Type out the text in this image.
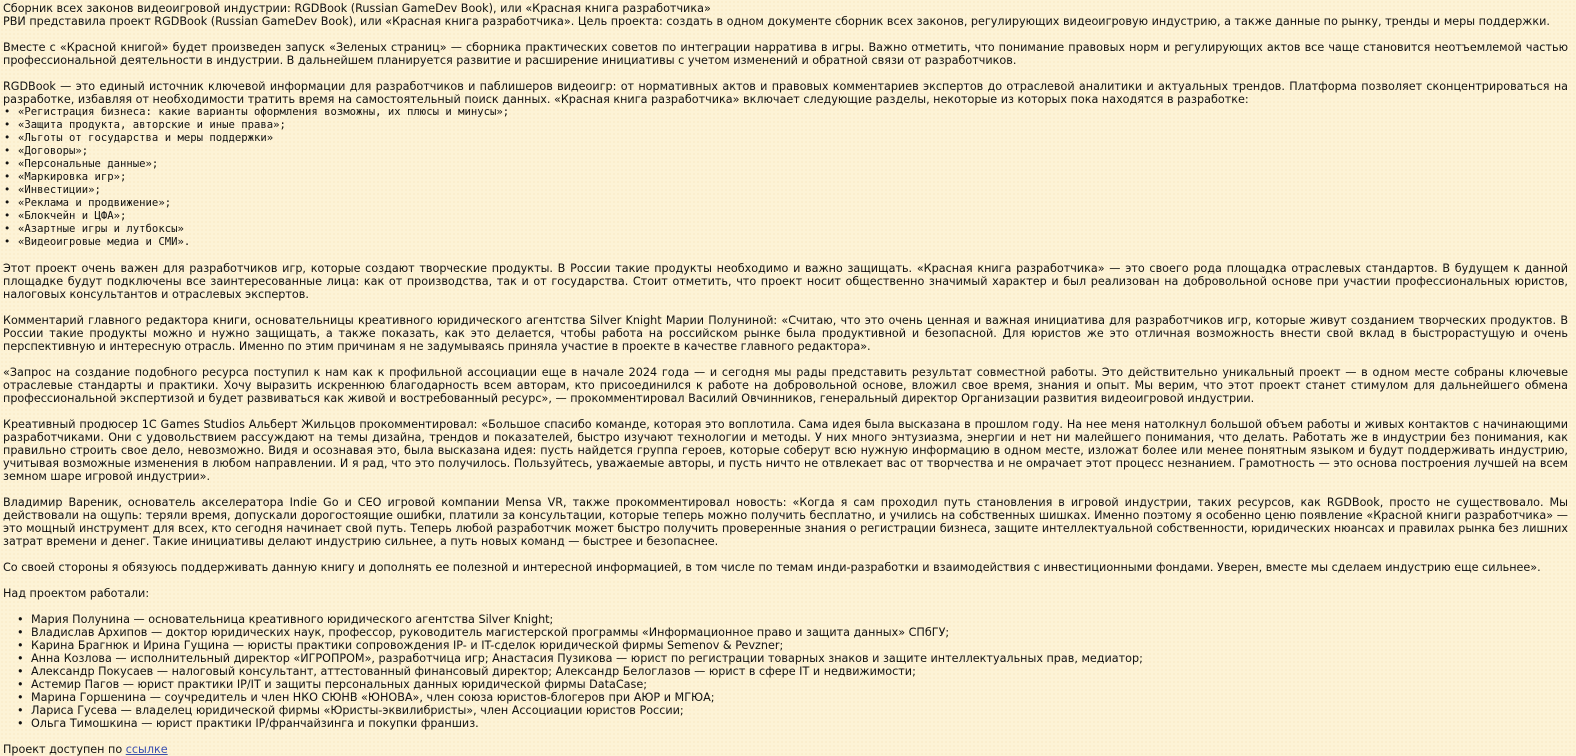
Сборник всех законов видеоигровой индустрии: RGDBook (Russian GameDev Book), или «Красная книга разработчика»

РВИ представила проект RGDBook (Russian GameDev Book), или «Красная книга разработчика». Цель проекта: создать в одном документе сборник всех законов, регулирующих видеоигровую индустрию, а также данные по рынку, тренды и меры поддержки.

Вместе с «Красной книгой» будет произведен запуск «Зеленых страниц» — сборника практических советов по интеграции нарратива в игры. Важно отметить, что понимание правовых норм и регулирующих актов все чаще становится неотъемлемой частью профессиональной деятельности в индустрии. В дальнейшем планируется развитие и расширение инициативы с учетом изменений и обратной связи от разработчиков.

RGDBook — это единый источник ключевой информации для разработчиков и паблишеров видеоигр: от нормативных актов и правовых комментариев экспертов до отраслевой аналитики и актуальных трендов. Платформа позволяет сконцентрироваться на разработке, избавляя от необходимости тратить время на самостоятельный поиск данных. «Красная книга разработчика» включает следующие разделы, некоторые из которых пока находятся в разработке:

• «Регистрация бизнеса: какие варианты оформления возможны, их плюсы и минусы»;
• «Защита продукта, авторские и иные права»;
• «Льготы от государства и меры поддержки»
• «Договоры»;
• «Персональные данные»;
• «Маркировка игр»;
• «Инвестиции»;
• «Реклама и продвижение»;
• «Блокчейн и ЦФА»;
• «Азартные игры и лутбоксы»
• «Видеоигровые медиа и СМИ».

Этот проект очень важен для разработчиков игр, которые создают творческие продукты. В России такие продукты необходимо и важно защищать. «Красная книга разработчика» — это своего рода площадка отраслевых стандартов. В будущем к данной площадке будут подключены все заинтересованные лица: как от производства, так и от государства. Стоит отметить, что проект носит общественно значимый характер и был реализован на добровольной основе при участии профессиональных юристов, налоговых консультантов и отраслевых экспертов.

Комментарий главного редактора книги, основательницы креативного юридического агентства Silver Knight Марии Полуниной: «Считаю, что это очень ценная и важная инициатива для разработчиков игр, которые живут созданием творческих продуктов. В России такие продукты можно и нужно защищать, а также показать, как это делается, чтобы работа на российском рынке была продуктивной и безопасной. Для юристов же это отличная возможность внести свой вклад в быстрорастущую и очень перспективную и интересную отрасль. Именно по этим причинам я не задумываясь приняла участие в проекте в качестве главного редактора».

«Запрос на создание подобного ресурса поступил к нам как к профильной ассоциации еще в начале 2024 года — и сегодня мы рады представить результат совместной работы. Это действительно уникальный проект — в одном месте собраны ключевые отраслевые стандарты и практики. Хочу выразить искреннюю благодарность всем авторам, кто присоединился к работе на добровольной основе, вложил свое время, знания и опыт. Мы верим, что этот проект станет стимулом для дальнейшего обмена профессиональной экспертизой и будет развиваться как живой и востребованный ресурс», — прокомментировал Василий Овчинников, генеральный директор Организации развития видеоигровой индустрии.

Креативный продюсер 1С Games Studios Альберт Жильцов прокомментировал: «Большое спасибо команде, которая это воплотила. Сама идея была высказана в прошлом году. На нее меня натолкнул большой объем работы и живых контактов с начинающими разработчиками. Они с удовольствием рассуждают на темы дизайна, трендов и показателей, быстро изучают технологии и методы. У них много энтузиазма, энергии и нет ни малейшего понимания, что делать. Работать же в индустрии без понимания, как правильно строить свое дело, невозможно. Видя и осознавая это, была высказана идея: пусть найдется группа героев, которые соберут всю нужную информацию в одном месте, изложат более или менее понятным языком и будут поддерживать индустрию, учитывая возможные изменения в любом направлении. И я рад, что это получилось. Пользуйтесь, уважаемые авторы, и пусть ничто не отвлекает вас от творчества и не омрачает этот процесс незнанием. Грамотность — это основа построения лучшей на всем земном шаре игровой индустрии».

Владимир Вареник, основатель акселератора Indie Go и CEO игровой компании Mensa VR, также прокомментировал новость: «Когда я сам проходил путь становления в игровой индустрии, таких ресурсов, как RGDBook, просто не существовало. Мы действовали на ощупь: теряли время, допускали дорогостоящие ошибки, платили за консультации, которые теперь можно получить бесплатно, и учились на собственных шишках. Именно поэтому я особенно ценю появление «Красной книги разработчика» — это мощный инструмент для всех, кто сегодня начинает свой путь. Теперь любой разработчик может быстро получить проверенные знания о регистрации бизнеса, защите интеллектуальной собственности, юридических нюансах и правилах рынка без лишних затрат времени и денег. Такие инициативы делают индустрию сильнее, а путь новых команд — быстрее и безопаснее.

Со своей стороны я обязуюсь поддерживать данную книгу и дополнять ее полезной и интересной информацией, в том числе по темам инди-разработки и взаимодействия с инвестиционными фондами. Уверен, вместе мы сделаем индустрию еще сильнее».

Над проектом работали:

• Мария Полунина — основательница креативного юридического агентства Silver Knight;
• Владислав Архипов — доктор юридических наук, профессор, руководитель магистерской программы «Информационное право и защита данных» СПбГУ;
• Карина Брагнюк и Ирина Гущина — юристы практики сопровождения IP- и IT-сделок юридической фирмы Semenov & Pevzner;
• Анна Козлова — исполнительный директор «ИГРОПРОМ», разработчица игр; Анастасия Пузикова — юрист по регистрации товарных знаков и защите интеллектуальных прав, медиатор;
• Александр Покусаев — налоговый консультант, аттестованный финансовый директор; Александр Белоглазов — юрист в сфере IT и недвижимости;
• Астемир Пагов — юрист практики IP/IT и защиты персональных данных юридической фирмы DataCase;
• Марина Горшенина — соучредитель и член НКО СЮНВ «ЮНОВА», член союза юристов-блогеров при АЮР и МГЮА;
• Лариса Гусева — владелец юридической фирмы «Юристы-эквилибристы», член Ассоциации юристов России;
• Ольга Тимошкина — юрист практики IP/франчайзинга и покупки франшиз.

Проект доступен по ссылке
